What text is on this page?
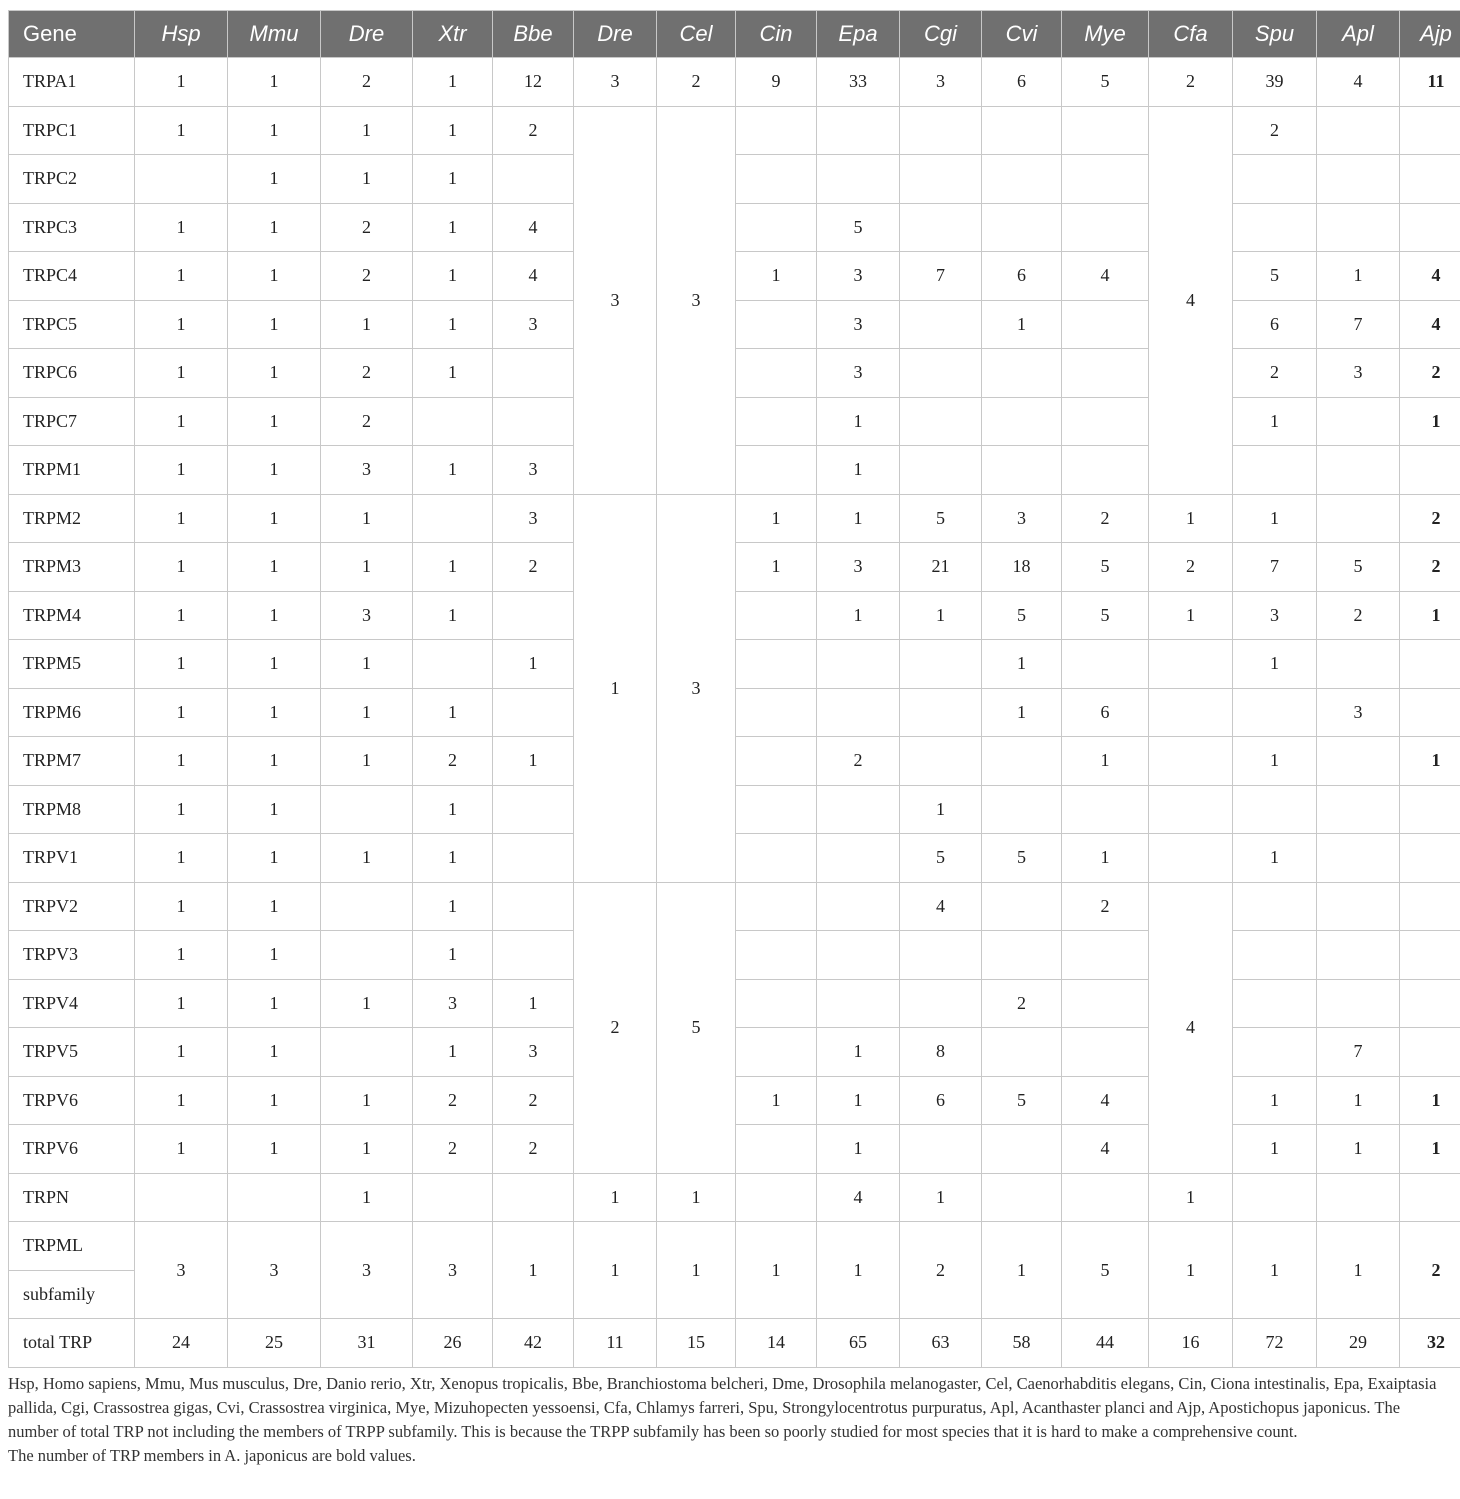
Gene	Hsp	Mmu	Dre	Xtr	Bbe	Dre	Cel	Cin	Epa	Cgi	Cvi	Mye	Cfa	Spu	Apl	Ajp
TRPA1	1	1	2	1	12	3	2	9	33	3	6	5	2	39	4	11
TRPC1	1	1	1	1	2	3	3						4	2		
TRPC2		1	1	1												
TRPC3	1	1	2	1	4				5							
TRPC4	1	1	2	1	4			1	3	7	6	4		5	1	4
TRPC5	1	1	1	1	3				3		1			6	7	4
TRPC6	1	1	2	1					3					2	3	2
TRPC7	1	1	2						1					1		1
TRPM1	1	1	3	1	3				1							
TRPM2	1	1	1		3	1	3	1	1	5	3	2	1	1		2
TRPM3	1	1	1	1	2			1	3	21	18	5	2	7	5	2
TRPM4	1	1	3	1					1	1	5	5	1	3	2	1
TRPM5	1	1	1		1						1			1		
TRPM6	1	1	1	1							1	6			3	
TRPM7	1	1	1	2	1				2			1		1		1
TRPM8	1	1		1						1						
TRPV1	1	1	1	1						5	5	1		1		
TRPV2	1	1		1		2	5			4		2	4			
TRPV3	1	1		1												
TRPV4	1	1	1	3	1						2					
TRPV5	1	1		1	3				1	8					7	
TRPV6	1	1	1	2	2			1	1	6	5	4		1	1	1
TRPV6	1	1	1	2	2				1			4		1	1	1
TRPN			1			1	1		4	1			1			
TRPML	3	3	3	3	1	1	1	1	1	2	1	5	1	1	1	2
subfamily																
total TRP	24	25	31	26	42	11	15	14	65	63	58	44	16	72	29	32
Hsp, Homo sapiens, Mmu, Mus musculus, Dre, Danio rerio, Xtr, Xenopus tropicalis, Bbe, Branchiostoma belcheri, Dme, Drosophila melanogaster, Cel, Caenorhabditis elegans, Cin, Ciona intestinalis, Epa, Exaiptasia pallida, Cgi, Crassostrea gigas, Cvi, Crassostrea virginica, Mye, Mizuhopecten yessoensi, Cfa, Chlamys farreri, Spu, Strongylocentrotus purpuratus, Apl, Acanthaster planci and Ajp, Apostichopus japonicus. The number of total TRP not including the members of TRPP subfamily. This is because the TRPP subfamily has been so poorly studied for most species that it is hard to make a comprehensive count.
The number of TRP members in A. japonicus are bold values.
